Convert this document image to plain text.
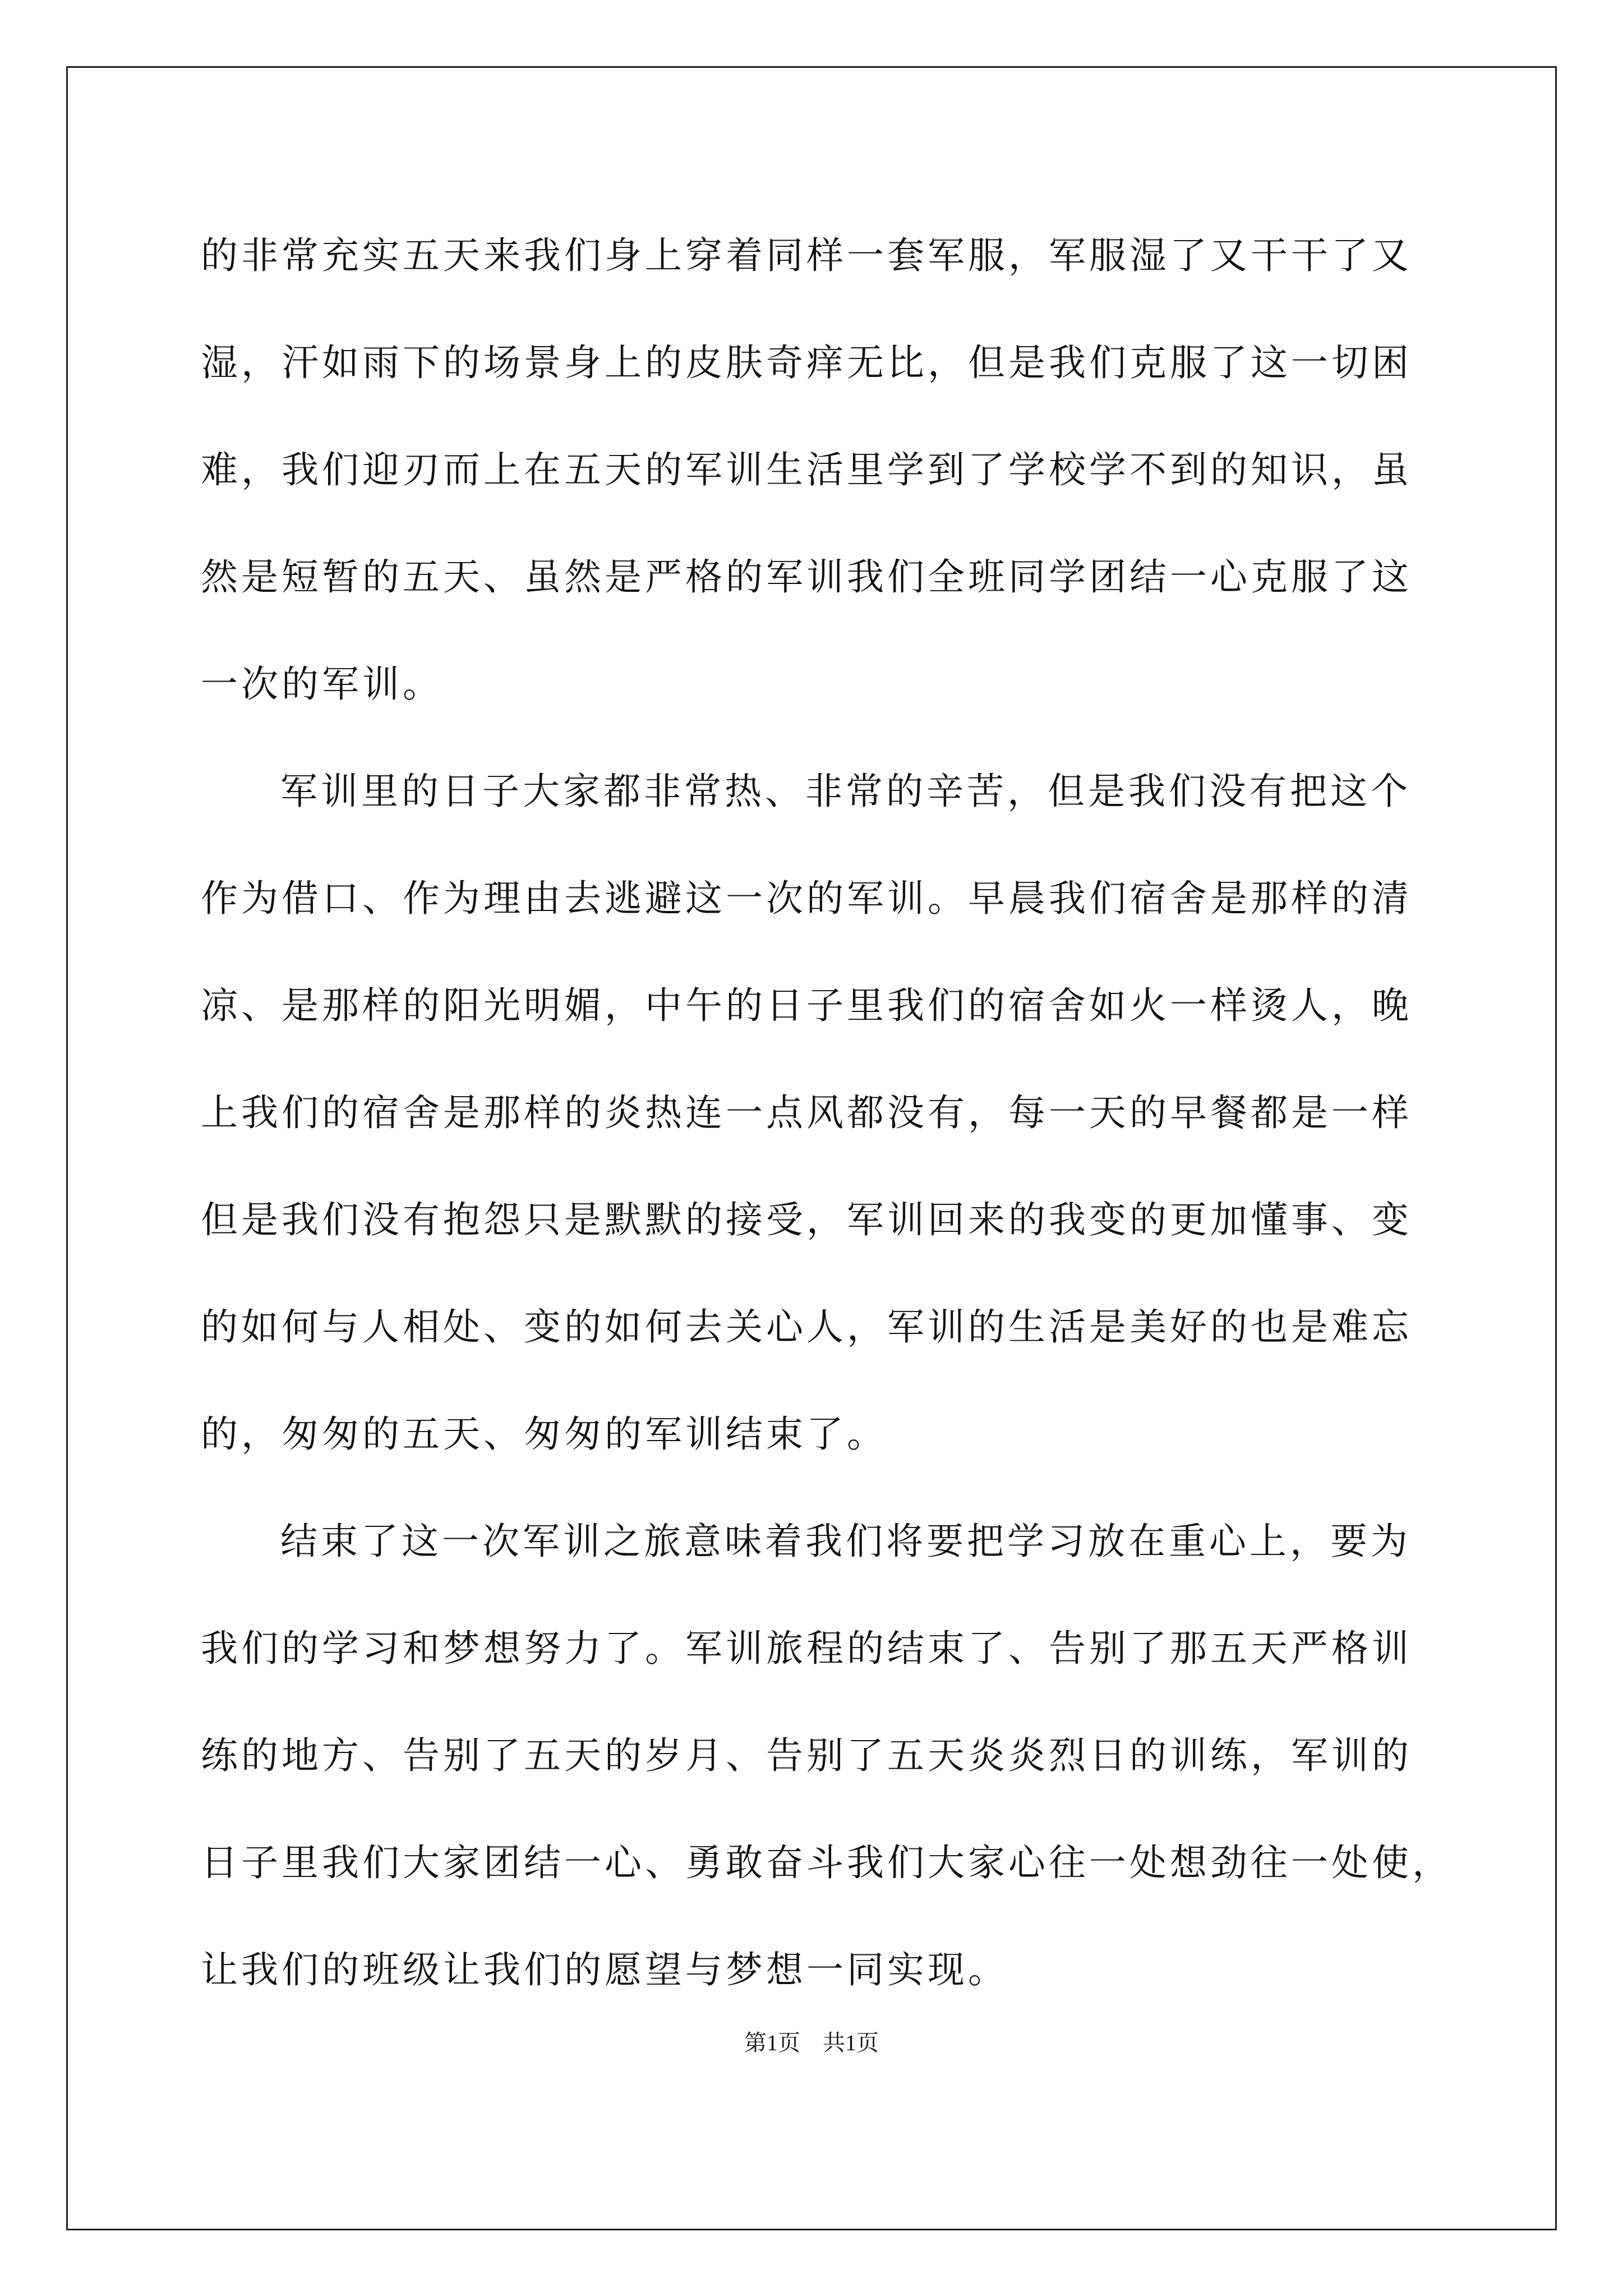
的非常充实五天来我们身上穿着同样一套军服，军服湿了又干干了又
湿，汗如雨下的场景身上的皮肤奇痒无比，但是我们克服了这一切困
难，我们迎刃而上在五天的军训生活里学到了学校学不到的知识，虽
然是短暂的五天、虽然是严格的军训我们全班同学团结一心克服了这
一次的军训。
军训里的日子大家都非常热、非常的辛苦，但是我们没有把这个
作为借口、作为理由去逃避这一次的军训。早晨我们宿舍是那样的清
凉、是那样的阳光明媚，中午的日子里我们的宿舍如火一样烫人，晚
上我们的宿舍是那样的炎热连一点风都没有，每一天的早餐都是一样
但是我们没有抱怨只是默默的接受，军训回来的我变的更加懂事、变
的如何与人相处、变的如何去关心人，军训的生活是美好的也是难忘
的，匆匆的五天、匆匆的军训结束了。
结束了这一次军训之旅意味着我们将要把学习放在重心上，要为
我们的学习和梦想努力了。军训旅程的结束了、告别了那五天严格训
练的地方、告别了五天的岁月、告别了五天炎炎烈日的训练，军训的
日子里我们大家团结一心、勇敢奋斗我们大家心往一处想劲往一处使，
让我们的班级让我们的愿望与梦想一同实现。
第1页 共1页
